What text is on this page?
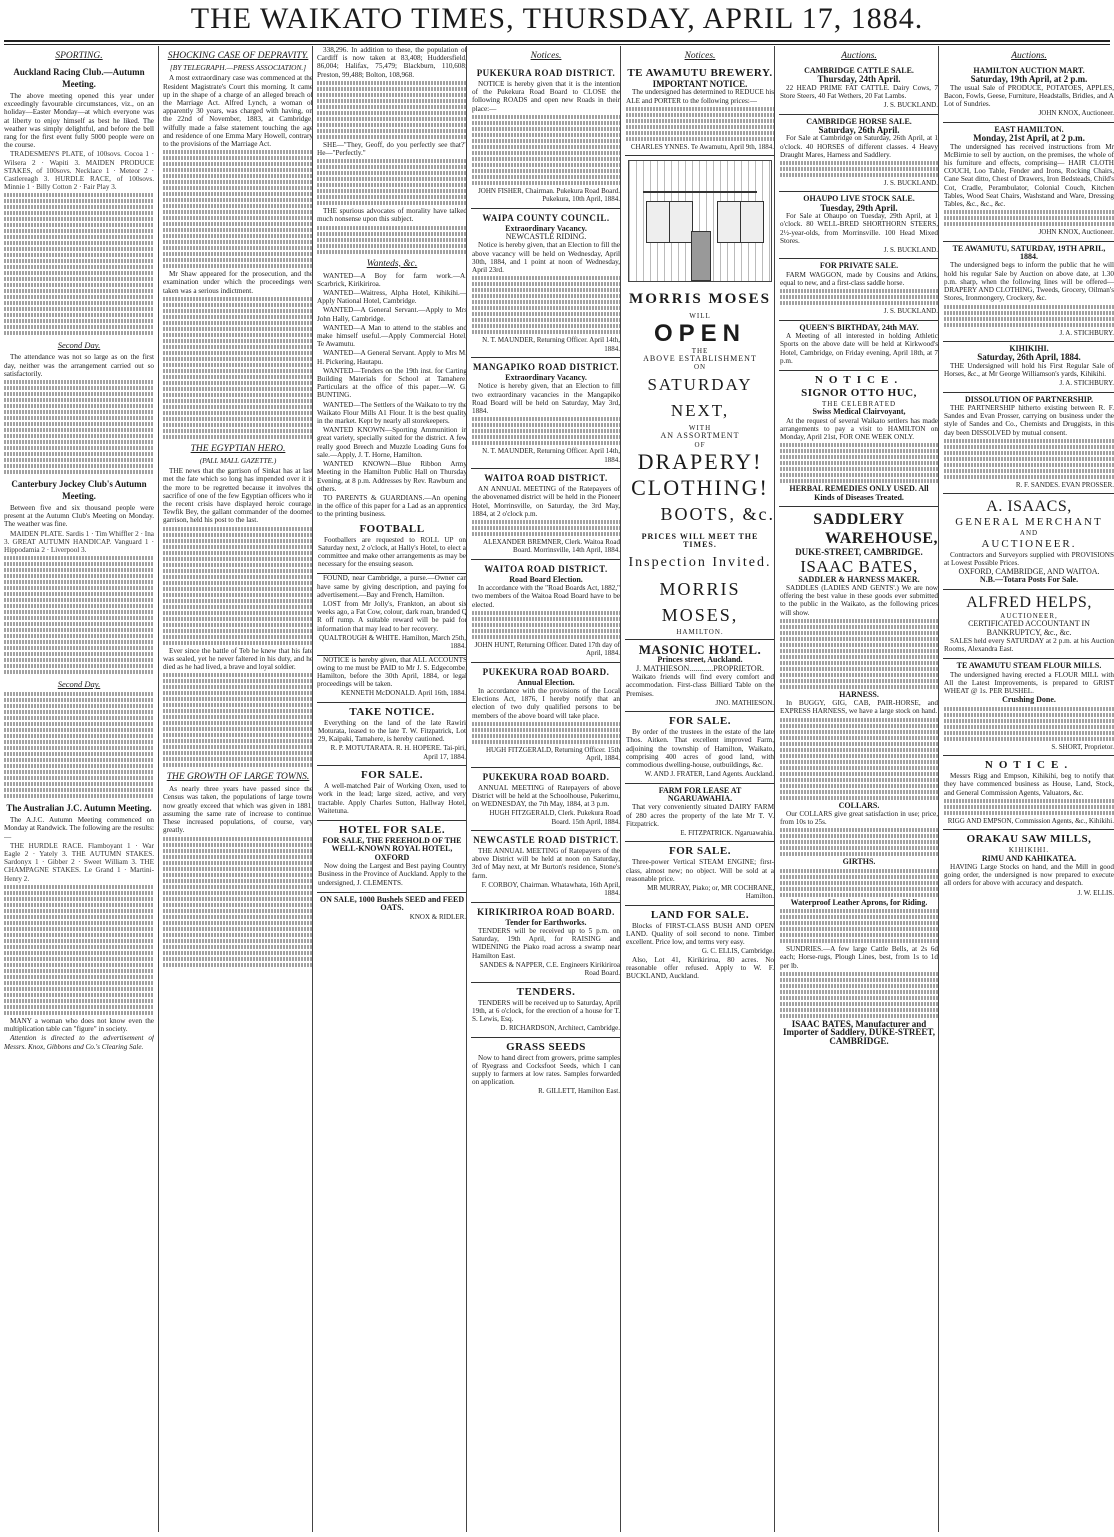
THE WAIKATO TIMES, THURSDAY, APRIL 17, 1884.
SPORTING.
Auckland Racing Club.—Autumn Meeting.

The above meeting opened this year under exceedingly favourable circumstances, viz., on an holiday—Easter Monday—at which everyone was at liberty to enjoy himself as best he liked. The weather was simply delightful, and before the bell rang for the first event fully 5000 people were on the course.

TRADESMEN'S PLATE, of 100sovs. Cocoa 1 · Wilsera 2 · Wapiti 3. MAIDEN PRODUCE STAKES, of 100sovs. Necklace 1 · Meteor 2 · Castlereagh 3. HURDLE RACE, of 100sovs. Minnie 1 · Billy Cotton 2 · Fair Play 3.

Second Day.

The attendance was not so large as on the first day, neither was the arrangement carried out so satisfactorily.

Canterbury Jockey Club's Autumn Meeting.

Between five and six thousand people were present at the Autumn Club's Meeting on Monday. The weather was fine.

MAIDEN PLATE. Sardis 1 · Tim Whiffler 2 · Ina 3. GREAT AUTUMN HANDICAP. Vanguard 1 · Hippodamia 2 · Liverpool 3.

Second Day.
The Australian J.C. Autumn Meeting.

The A.J.C. Autumn Meeting commenced on Monday at Randwick. The following are the results:—

THE HURDLE RACE. Flamboyant 1 · War Eagle 2 · Yately 3. THE AUTUMN STAKES. Sardonyx 1 · Gibber 2 · Sweet William 3. THE CHAMPAGNE STAKES. Le Grand 1 · Martini-Henry 2.

MANY a woman who does not know even the multiplication table can "figure" in society.

Attention is directed to the advertisement of Messrs. Knox, Gibbons and Co.'s Clearing Sale.

SHOCKING CASE OF DEPRAVITY.
[BY TELEGRAPH.—PRESS ASSOCIATION.]

A most extraordinary case was commenced at the Resident Magistrate's Court this morning. It came up in the shape of a charge of an alleged breach of the Marriage Act. Alfred Lynch, a woman of apparently 30 years, was charged with having, on the 22nd of November, 1883, at Cambridge, wilfully made a false statement touching the age and residence of one Emma Mary Howell, contrary to the provisions of the Marriage Act.

Mr Shaw appeared for the prosecution, and the examination under which the proceedings were taken was a serious indictment.

THE EGYPTIAN HERO.
(PALL MALL GAZETTE.)

THE news that the garrison of Sinkat has at last met the fate which so long has impended over it is the more to be regretted because it involves the sacrifice of one of the few Egyptian officers who in the recent crisis have displayed heroic courage. Tewfik Bey, the gallant commander of the doomed garrison, held his post to the last.

Ever since the battle of Teb he knew that his fate was sealed, yet he never faltered in his duty, and he died as he had lived, a brave and loyal soldier.

THE GROWTH OF LARGE TOWNS.

As nearly three years have passed since the Census was taken, the populations of large towns now greatly exceed that which was given in 1881, assuming the same rate of increase to continue. These increased populations, of course, vary greatly.

338,296. In addition to these, the population of Cardiff is now taken at 83,408; Huddersfield, 86,004; Halifax, 75,479; Blackburn, 110,608; Preston, 99,488; Bolton, 108,968.

SHE—"They, Geoff, do you perfectly see that?" He—"Perfectly."

THE spurious advocates of morality have talked much nonsense upon this subject.

Wanteds, &c.

WANTED—A Boy for farm work.—A. Scarbrick, Kirikiriroa.

WANTED—Waitress, Alpha Hotel, Kihikihi.—Apply National Hotel, Cambridge.

WANTED—A General Servant.—Apply to Mrs John Hally, Cambridge.

WANTED—A Man to attend to the stables and make himself useful.—Apply Commercial Hotel, Te Awamutu.

WANTED—A General Servant. Apply to Mrs M. H. Pickering, Hautapu.

WANTED—Tenders on the 19th inst. for Carting Building Materials for School at Tamahere. Particulars at the office of this paper.—W. G. BUNTING.

WANTED—The Settlers of the Waikato to try the Waikato Flour Mills A1 Flour. It is the best quality in the market. Kept by nearly all storekeepers.

WANTED KNOWN—Sporting Ammunition in great variety, specially suited for the district. A few really good Breech and Muzzle Loading Guns for sale.—Apply, J. T. Horne, Hamilton.

WANTED KNOWN—Blue Ribbon Army Meeting in the Hamilton Public Hall on Thursday Evening, at 8 p.m. Addresses by Rev. Rawburn and others.

TO PARENTS & GUARDIANS.—An opening in the office of this paper for a Lad as an apprentice to the printing business.

FOOTBALL

Footballers are requested to ROLL UP on Saturday next, 2 o'clock, at Hally's Hotel, to elect a committee and make other arrangements as may be necessary for the ensuing season.

FOUND, near Cambridge, a purse.—Owner can have same by giving description, and paying for advertisement.—Bay and French, Hamilton.

LOST from Mr Jolly's, Frankton, an about six weeks ago, a Fat Cow, colour, dark roan, branded Q R off rump. A suitable reward will be paid for information that may lead to her recovery.

QUALTROUGH & WHITE. Hamilton, March 25th, 1884.

NOTICE is hereby given, that ALL ACCOUNTS owing to me must be PAID to Mr J. S. Edgecombe, Hamilton, before the 30th April, 1884, or legal proceedings will be taken.

KENNETH McDONALD. April 16th, 1884.
TAKE NOTICE.

Everything on the land of the late Rawiri Moturata, leased to the late T. W. Fitzpatrick, Lot 29, Kaipaki, Tamahere, is hereby cautioned.

R. P. MOTUTARATA. R. H. HOPERE. Tai-piri, April 17, 1884.
FOR SALE.

A well-matched Pair of Working Oxen, used to work in the lead; large sized, active, and very tractable. Apply Charles Sutton, Hallway Hotel, Waitetuna.

HOTEL FOR SALE.
FOR SALE, THE FREEHOLD OF THE WELL-KNOWN ROYAL HOTEL, OXFORD

Now doing the Largest and Best paying Country Business in the Province of Auckland. Apply to the undersigned, J. CLEMENTS.

ON SALE, 1000 Bushels SEED and FEED OATS.
KNOX & RIDLER.
Notices.
PUKEKURA ROAD DISTRICT.

NOTICE is hereby given that it is the intention of the Pukekura Road Board to CLOSE the following ROADS and open new Roads in their place:—

JOHN FISHER, Chairman. Pukekura Road Board. Pukekura, 10th April, 1884.
WAIPA COUNTY COUNCIL.
Extraordinary Vacancy.
NEWCASTLE RIDING.

Notice is hereby given, that an Election to fill the above vacancy will be held on Wednesday, April 30th, 1884, and 1 point at noon of Wednesday, April 23rd.

N. T. MAUNDER, Returning Officer. April 14th, 1884.
MANGAPIKO ROAD DISTRICT.
Extraordinary Vacancy.

Notice is hereby given, that an Election to fill two extraordinary vacancies in the Mangapiko Road Board will be held on Saturday, May 3rd, 1884.

N. T. MAUNDER, Returning Officer. April 14th, 1884.
WAITOA ROAD DISTRICT.

AN ANNUAL MEETING of the Ratepayers of the abovenamed district will be held in the Pioneer Hotel, Morrinsville, on Saturday, the 3rd May, 1884, at 2 o'clock p.m.

ALEXANDER BREMNER, Clerk. Waitoa Road Board. Morrinsville, 14th April, 1884.
WAITOA ROAD DISTRICT.
Road Board Election.

In accordance with the "Road Boards Act, 1882," two members of the Waitoa Road Board have to be elected.

JOHN HUNT, Returning Officer. Dated 17th day of April, 1884.
PUKEKURA ROAD BOARD.
Annual Election.

In accordance with the provisions of the Local Elections Act, 1876, I hereby notify that an election of two duly qualified persons to be members of the above board will take place.

HUGH FITZGERALD, Returning Officer. 15th April, 1884.
PUKEKURA ROAD BOARD.

ANNUAL MEETING of Ratepayers of above District will be held at the Schoolhouse, Pukerimu, on WEDNESDAY, the 7th May, 1884, at 3 p.m.

HUGH FITZGERALD, Clerk. Pukekura Road Board. 15th April, 1884.
NEWCASTLE ROAD DISTRICT.

THE ANNUAL MEETING of Ratepayers of the above District will be held at noon on Saturday, 3rd of May next, at Mr Burton's residence, Stone's farm.

F. CORBOY, Chairman. Whatawhata, 16th April, 1884.
KIRIKIRIROA ROAD BOARD.
Tender for Earthworks.

TENDERS will be received up to 5 p.m. on Saturday, 19th April, for RAISING and WIDENING the Piako road across a swamp near Hamilton East.

SANDES & NAPPER, C.E. Engineers Kirikiriroa Road Board.
TENDERS.

TENDERS will be received up to Saturday, April 19th, at 6 o'clock, for the erection of a house for T. S. Lewis, Esq.

D. RICHARDSON, Architect, Cambridge.
GRASS SEEDS

Now to hand direct from growers, prime samples of Ryegrass and Cocksfoot Seeds, which I can supply to farmers at low rates. Samples forwarded on application.

R. GILLETT, Hamilton East.
Notices.
TE AWAMUTU BREWERY.
IMPORTANT NOTICE.

The undersigned has determined to REDUCE his ALE and PORTER to the following prices:—

CHARLES YNNES. Te Awamutu, April 9th, 1884.
MORRIS MOSES
WILL
OPEN
THE
ABOVE ESTABLISHMENT
ON
SATURDAY NEXT,
WITH
AN ASSORTMENT
OF
DRAPERY!
CLOTHING!
BOOTS, &c.
PRICES WILL MEET THE TIMES.
Inspection Invited.
MORRIS MOSES,
HAMILTON.
MASONIC HOTEL.
Princes street, Auckland.
J. MATHIESON............PROPRIETOR.

Waikato friends will find every comfort and accommodation. First-class Billiard Table on the Premises.

JNO. MATHIESON.
FOR SALE.

By order of the trustees in the estate of the late Thos. Aitken. That excellent improved Farm, adjoining the township of Hamilton, Waikato, comprising 400 acres of good land, with commodious dwelling-house, outbuildings, &c.

W. AND J. FRATER, Land Agents. Auckland.
FARM FOR LEASE AT NGARUAWAHIA.

That very conveniently situated DAIRY FARM of 280 acres the property of the late Mr T. V. Fitzpatrick.

E. FITZPATRICK. Ngaruawahia.
FOR SALE.

Three-power Vertical STEAM ENGINE; first-class, almost new; no object. Will be sold at a reasonable price.

MR MURRAY, Piako; or, MR COCHRANE, Hamilton.
LAND FOR SALE.

Blocks of FIRST-CLASS BUSH AND OPEN LAND. Quality of soil second to none. Timber excellent. Price low, and terms very easy.

G. C. ELLIS, Cambridge.

Also, Lot 41, Kirikiriroa, 80 acres. No reasonable offer refused. Apply to W. F. BUCKLAND, Auckland.

Auctions.
CAMBRIDGE CATTLE SALE.
Thursday, 24th April.

22 HEAD PRIME FAT CATTLE. Dairy Cows, 7 Store Steers, 40 Fat Wethers, 20 Fat Lambs.

J. S. BUCKLAND.
CAMBRIDGE HORSE SALE.
Saturday, 26th April.

For Sale at Cambridge on Saturday, 26th April, at 1 o'clock. 40 HORSES of different classes. 4 Heavy Draught Mares, Harness and Saddlery.

J. S. BUCKLAND.
OHAUPO LIVE STOCK SALE.
Tuesday, 29th April.

For Sale at Ohaupo on Tuesday, 29th April, at 1 o'clock. 80 WELL-BRED SHORTHORN STEERS, 2½-year-olds, from Morrinsville. 100 Head Mixed Stores.

J. S. BUCKLAND.
FOR PRIVATE SALE.

FARM WAGGON, made by Cousins and Atkins, equal to new, and a first-class saddle horse.

J. S. BUCKLAND.
QUEEN'S BIRTHDAY, 24th MAY.

A Meeting of all interested in holding Athletic Sports on the above date will be held at Kirkwood's Hotel, Cambridge, on Friday evening, April 18th, at 7 p.m.

NOTICE.
SIGNOR OTTO HUC,
THE CELEBRATED
Swiss Medical Clairvoyant,

At the request of several Waikato settlers has made arrangements to pay a visit to HAMILTON on Monday, April 21st, FOR ONE WEEK ONLY.

HERBAL REMEDIES ONLY USED. All Kinds of Diseases Treated.
SADDLERY
WAREHOUSE,
DUKE-STREET, CAMBRIDGE.
ISAAC BATES,
SADDLER & HARNESS MAKER.

SADDLES (LADIES AND GENTS'.) We are now offering the best value in these goods ever submitted to the public in the Waikato, as the following prices will show.

HARNESS.

In BUGGY, GIG, CAB, PAIR-HORSE, and EXPRESS HARNESS, we have a large stock on hand.

COLLARS.

Our COLLARS give great satisfaction in use; price, from 10s to 25s.

GIRTHS.
Waterproof Leather Aprons, for Riding.

SUNDRIES.—A few large Cattle Bells, at 2s 6d each; Horse-rugs, Plough Lines, best, from 1s to 1d per lb.

ISAAC BATES, Manufacturer and Importer of Saddlery, DUKE-STREET, CAMBRIDGE.
Auctions.
HAMILTON AUCTION MART.
Saturday, 19th April, at 2 p.m.

The usual Sale of PRODUCE, POTATOES, APPLES, Bacon, Fowls, Geese, Furniture, Headstalls, Bridles, and A Lot of Sundries.

JOHN KNOX, Auctioneer.
EAST HAMILTON.
Monday, 21st April, at 2 p.m.

The undersigned has received instructions from Mr McBirnie to sell by auction, on the premises, the whole of his furniture and effects, comprising— HAIR CLOTH COUCH, Loo Table, Fender and Irons, Rocking Chairs, Cane Seat ditto, Chest of Drawers, Iron Bedsteads, Child's Cot, Cradle, Perambulator, Colonial Couch, Kitchen Tables, Wood Seat Chairs, Washstand and Ware, Dressing Tables, &c., &c., &c.

JOHN KNOX, Auctioneer.
TE AWAMUTU, SATURDAY, 19TH APRIL, 1884.

The undersigned begs to inform the public that he will hold his regular Sale by Auction on above date, at 1.30 p.m. sharp, when the following lines will be offered— DRAPERY AND CLOTHING, Tweeds, Grocery, Oilman's Stores, Ironmongery, Crockery, &c.

J. A. STICHBURY.
KIHIKIHI.
Saturday, 26th April, 1884.

THE Undersigned will hold his First Regular Sale of Horses, &c., at Mr George Williamson's yards, Kihikihi.

J. A. STICHBURY.
DISSOLUTION OF PARTNERSHIP.

THE PARTNERSHIP hitherto existing between R. F. Sandes and Evan Prosser, carrying on business under the style of Sandes and Co., Chemists and Druggists, in this day been DISSOLVED by mutual consent.

R. F. SANDES. EVAN PROSSER.
A. ISAACS,
GENERAL MERCHANT
AND
AUCTIONEER.

Contractors and Surveyors supplied with PROVISIONS at Lowest Possible Prices.

OXFORD, CAMBRIDGE, AND WAITOA.
N.B.—Totara Posts For Sale.
ALFRED HELPS,
AUCTIONEER,
CERTIFICATED ACCOUNTANT IN BANKRUPTCY, &c., &c.

SALES held every SATURDAY at 2 p.m. at his Auction Rooms, Alexandra East.

TE AWAMUTU STEAM FLOUR MILLS.

The undersigned having erected a FLOUR MILL with All the Latest Improvements, is prepared to GRIST WHEAT @ 1s. PER BUSHEL.

Crushing Done.
S. SHORT, Proprietor.
NOTICE.

Messrs Rigg and Empson, Kihikihi, beg to notify that they have commenced business as House, Land, Stock, and General Commission Agents, Valuators, &c.

RIGG AND EMPSON, Commission Agents, &c., Kihikihi.
ORAKAU SAW MILLS,
KIHIKIHI.
RIMU AND KAHIKATEA.

HAVING Large Stocks on hand, and the Mill in good going order, the undersigned is now prepared to execute all orders for above with accuracy and despatch.

J. W. ELLIS.
